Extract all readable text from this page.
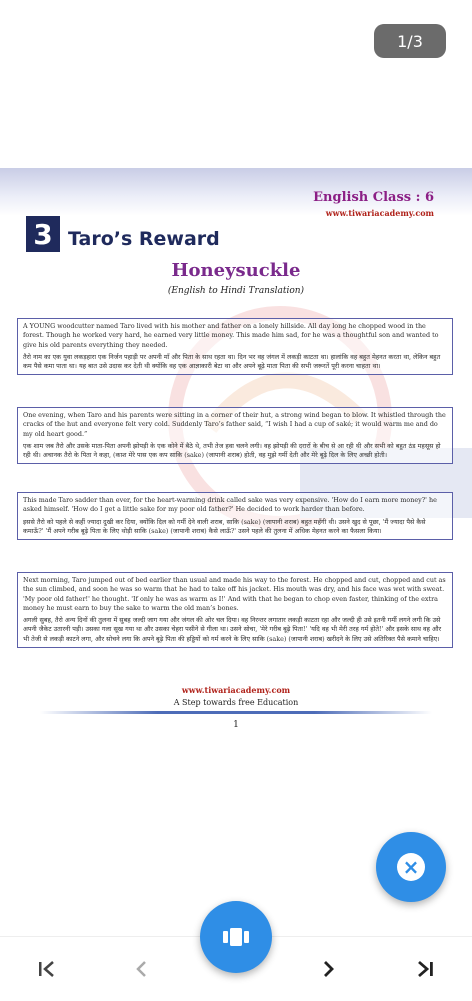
1/3
English Class : 6
www.tiwariacademy.com
3 Taro’s Reward
Honeysuckle
(English to Hindi Translation)

A YOUNG woodcutter named Taro lived with his mother and father on a lonely hillside. All day long he chopped wood in the forest. Though he worked very hard, he earned very little money. This made him sad, for he was a thoughtful son and wanted to give his old parents everything they needed.

तैरो नाम का एक युवा लकड़हारा एक निर्जन पहाड़ी पर अपनी माँ और पिता के साथ रहता था। दिन भर वह जंगल में लकड़ी काटता था। हालांकि वह बहुत मेहनत करता था, लेकिन बहुत कम पैसे कमा पाता था। यह बात उसे उदास कर देती थी क्योंकि वह एक आज्ञाकारी बेटा था और अपने बूढ़े माता पिता की सभी जरूरतें पूरी करना चाहता था।

One evening, when Taro and his parents were sitting in a corner of their hut, a strong wind began to blow. It whistled through the cracks of the hut and everyone felt very cold. Suddenly Taro’s father said, “I wish I had a cup of saké; it would warm me and do my old heart good.”

एक शाम जब तैरो और उसके माता-पिता अपनी झोपड़ी के एक कोने में बैठे थे, तभी तेज हवा चलने लगी। वह झोपड़ी की दरारों के बीच से आ रही थी और सभी को बहुत ठंड महसूस हो रही थी। अचानक तैरो के पिता ने कहा, (काश मेरे पास एक कप साकि (sake) (जापानी शराब) होती, वह मुझे गर्मी देती और मेरे बूढ़े दिल के लिए अच्छी होती।

This made Taro sadder than ever, for the heart-warming drink called sake was very expensive. 'How do I earn more money?' he asked himself. 'How do I get a little sake for my poor old father?' He decided to work harder than before.

इससे तैरो को पहले से कहीं ज्यादा दुखी कर दिया, क्योंकि दिल को गर्मी देने वाली शराब, साकि (sake) (जापानी शराब) बहुत महँगी थी। उसने खुद से पूछा, 'मैं ज्यादा पैसे कैसे कमाऊँ?' 'मैं अपने गरीब बूढ़े पिता के लिए थोड़ी साकि (sake) (जापानी शराब) कैसे लाऊँ?' उसने पहले की तुलना में अधिक मेहनत करने का फैसला किया।

Next morning, Taro jumped out of bed earlier than usual and made his way to the forest. He chopped and cut, chopped and cut as the sun climbed, and soon he was so warm that he had to take off his jacket. His mouth was dry, and his face was wet with sweat. 'My poor old father!' he thought. 'If only he was as warm as I!' And with that he began to chop even faster, thinking of the extra money he must earn to buy the sake to warm the old man’s bones.

अगली सुबह, तैरो अन्य दिनों की तुलना में सुबह जल्दी जाग गया और जंगल की ओर चल दिया। वह निरन्तर लगातार लकड़ी काटता रहा और जल्दी ही उसे इतनी गर्मी लगने लगी कि उसे अपनी जैकेट उतारनी पड़ी। उसका गला सूख गया था और उसका चेहरा पसीने से गीला था। उसने सोचा, 'मेरे गरीब बूढ़े पिता!' 'यदि वह भी मेरी तरह गर्म होते!' और इसके साथ वह और भी तेजी से लकड़ी काटने लगा, और सोचने लगा कि अपने बूढ़े पिता की हड्डियों को गर्म करने के लिए साकि (sake) (जापानी शराब) खरीदने के लिए उसे अतिरिक्त पैसे कमाने चाहिए।

www.tiwariacademy.com
A Step towards free Education
1
×
